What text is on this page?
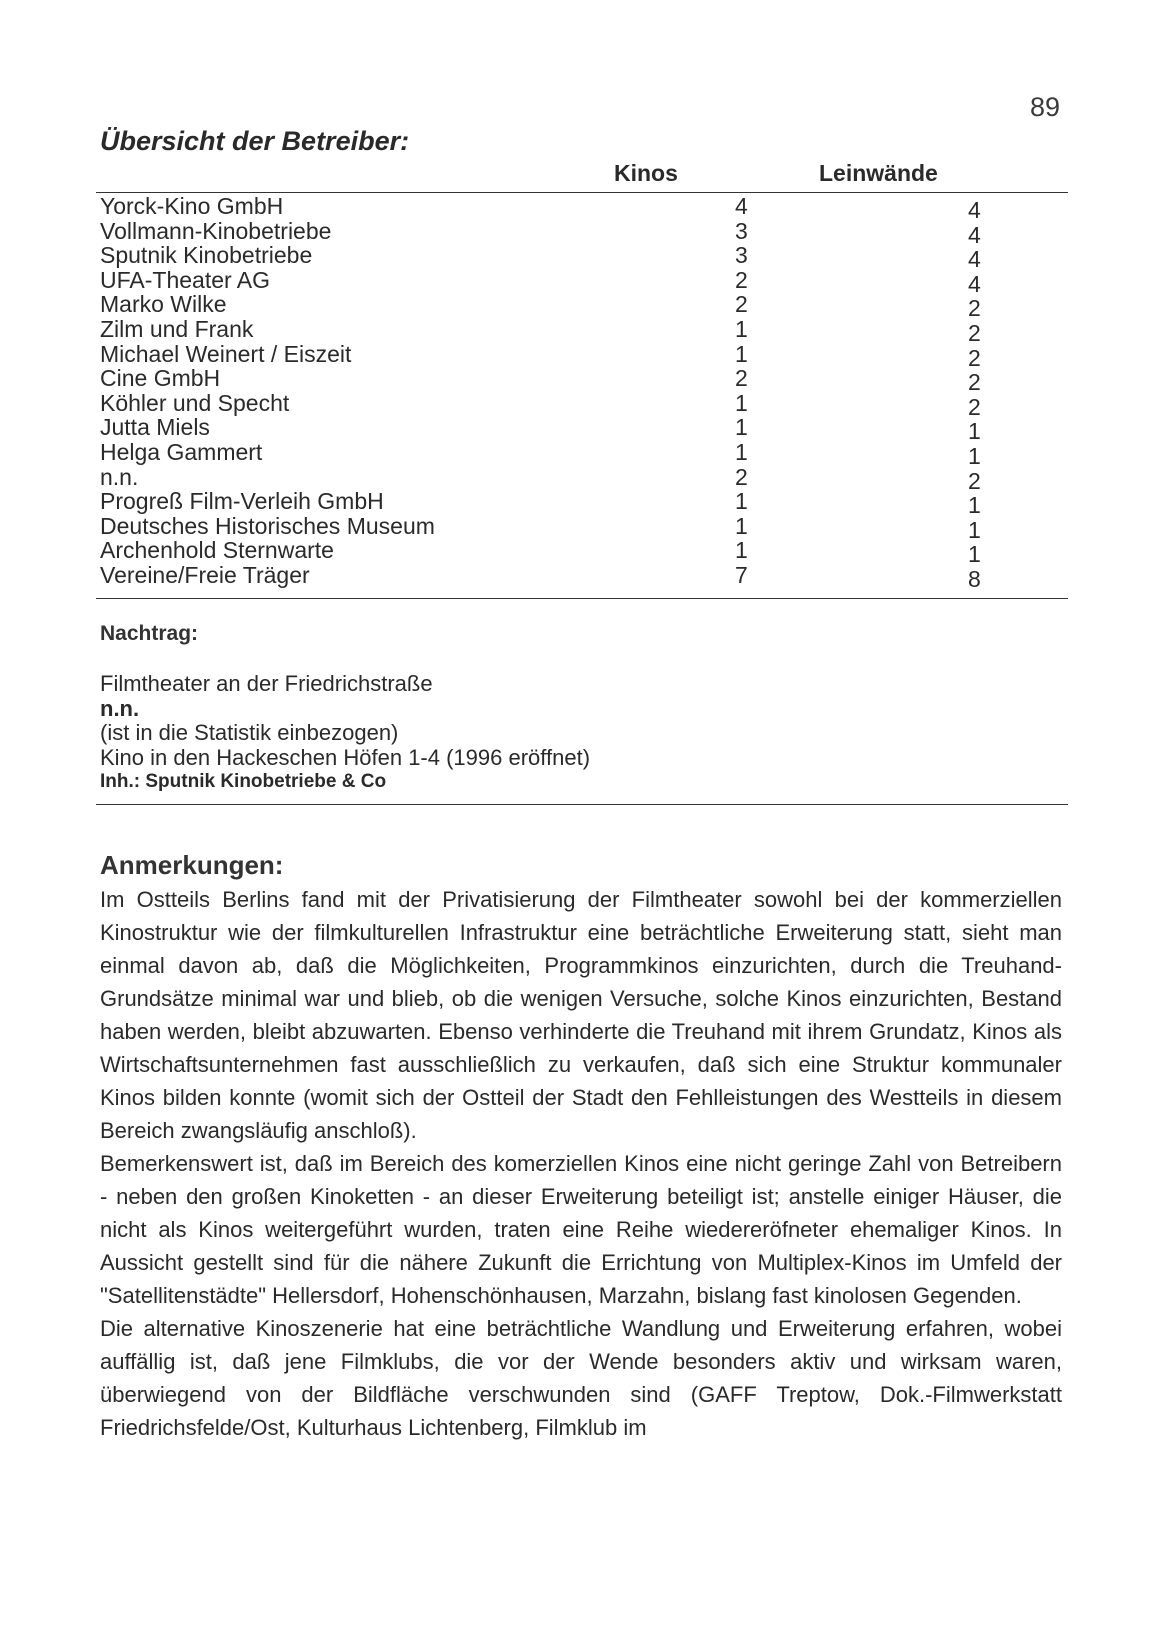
89
Übersicht der Betreiber:
Kinos	Leinwände
Yorck-Kino GmbH	4	4
Vollmann-Kinobetriebe	3	4
Sputnik Kinobetriebe	3	4
UFA-Theater AG	2	4
Marko Wilke	2	2
Zilm und Frank	1	2
Michael Weinert / Eiszeit	1	2
Cine GmbH	2	2
Köhler und Specht	1	2
Jutta Miels	1	1
Helga Gammert	1	1
n.n.	2	2
Progreß Film-Verleih GmbH	1	1
Deutsches Historisches Museum	1	1
Archenhold Sternwarte	1	1
Vereine/Freie Träger	7	8
Nachtrag:
Filmtheater an der Friedrichstraße
n.n.
(ist in die Statistik einbezogen)
Kino in den Hackeschen Höfen 1-4 (1996 eröffnet)
Inh.: Sputnik Kinobetriebe & Co
Anmerkungen:

Im Ostteils Berlins fand mit der Privatisierung der Filmtheater sowohl bei der kommerziellen Kinostruktur wie der filmkulturellen Infrastruktur eine beträchtliche Erweiterung statt, sieht man einmal davon ab, daß die Möglichkeiten, Programmkinos einzurichten, durch die Treuhand-Grundsätze minimal war und blieb, ob die wenigen Versuche, solche Kinos einzurichten, Bestand haben werden, bleibt abzuwarten. Ebenso verhinderte die Treuhand mit ihrem Grundatz, Kinos als Wirtschaftsunternehmen fast ausschließlich zu verkaufen, daß sich eine Struktur kommunaler Kinos bilden konnte (womit sich der Ostteil der Stadt den Fehlleistungen des Westteils in diesem Bereich zwangsläufig anschloß).

Bemerkenswert ist, daß im Bereich des komerziellen Kinos eine nicht geringe Zahl von Betreibern - neben den großen Kinoketten - an dieser Erweiterung beteiligt ist; anstelle einiger Häuser, die nicht als Kinos weitergeführt wurden, traten eine Reihe wiedereröfneter ehemaliger Kinos. In Aussicht gestellt sind für die nähere Zukunft die Errichtung von Multiplex-Kinos im Umfeld der "Satellitenstädte" Hellersdorf, Hohenschönhausen, Marzahn, bislang fast kinolosen Gegenden.

Die alternative Kinoszenerie hat eine beträchtliche Wandlung und Erweiterung erfahren, wobei auffällig ist, daß jene Filmklubs, die vor der Wende besonders aktiv und wirksam waren, überwiegend von der Bildfläche verschwunden sind (GAFF Treptow, Dok.-Filmwerkstatt Friedrichsfelde/Ost, Kulturhaus Lichtenberg, Filmklub im
